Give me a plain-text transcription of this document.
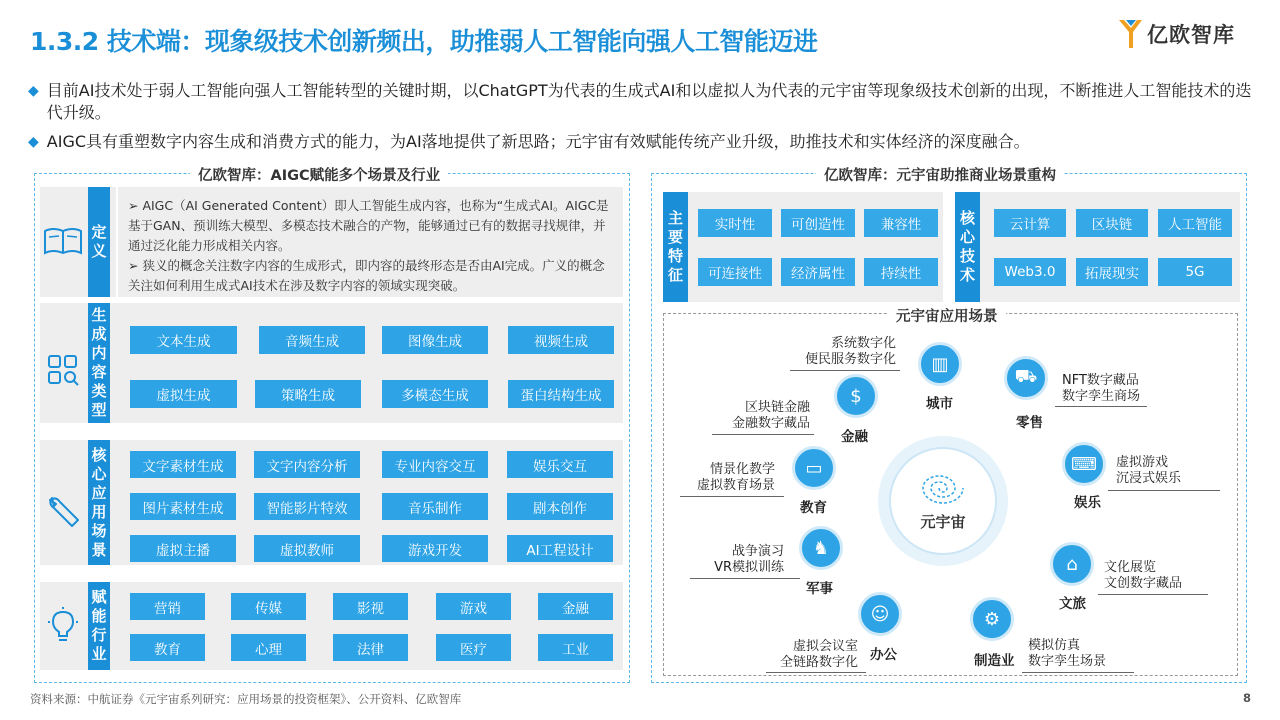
1.3.2 技术端：现象级技术创新频出，助推弱人工智能向强人工智能迈进	亿欧智库
◆ 目前AI技术处于弱人工智能向强人工智能转型的关键时期，以ChatGPT为代表的生成式AI和以虚拟人为代表的元宇宙等现象级技术创新的出现，不断推进人工智能技术的迭代升级。
◆ AIGC具有重塑数字内容生成和消费方式的能力，为AI落地提供了新思路；元宇宙有效赋能传统产业升级，助推技术和实体经济的深度融合。
亿欧智库：AIGC赋能多个场景及行业
定义
➢ AIGC（AI Generated Content）即人工智能生成内容，也称为“生成式AI。AIGC是基于GAN、预训练大模型、多模态技术融合的产物，能够通过已有的数据寻找规律，并通过泛化能力形成相关内容。
➢ 狭义的概念关注数字内容的生成形式，即内容的最终形态是否由AI完成。广义的概念关注如何利用生成式AI技术在涉及数字内容的领域实现突破。
生成内容类型
文本生成	音频生成	图像生成	视频生成
虚拟生成	策略生成	多模态生成	蛋白结构生成
核心应用场景
文字素材生成	文字内容分析	专业内容交互	娱乐交互
图片素材生成	智能影片特效	音乐制作	剧本创作
虚拟主播	虚拟教师	游戏开发	AI工程设计
赋能行业
营销	传媒	影视	游戏	金融
教育	心理	法律	医疗	工业
亿欧智库：元宇宙助推商业场景重构
主要特征
实时性	可创造性	兼容性
可连接性	经济属性	持续性
核心技术
云计算	区块链	人工智能
Web3.0	拓展现实	5G
元宇宙应用场景
元宇宙
▥
城市
系统数字化
便民服务数字化
⛟
零售
NFT数字藏品
数字孪生商场
$
金融
区块链金融
金融数字藏品
⌨
娱乐
虚拟游戏
沉浸式娱乐
▭
教育
情景化教学
虚拟教育场景
♞
军事
战争演习
VR模拟训练	⌂
文旅
文化展览
文创数字藏品
☺
办公
虚拟会议室
全链路数字化
⚙
制造业
模拟仿真
数字孪生场景
资料来源：中航证券《元宇宙系列研究：应用场景的投资框架》、公开资料、亿欧智库	8
